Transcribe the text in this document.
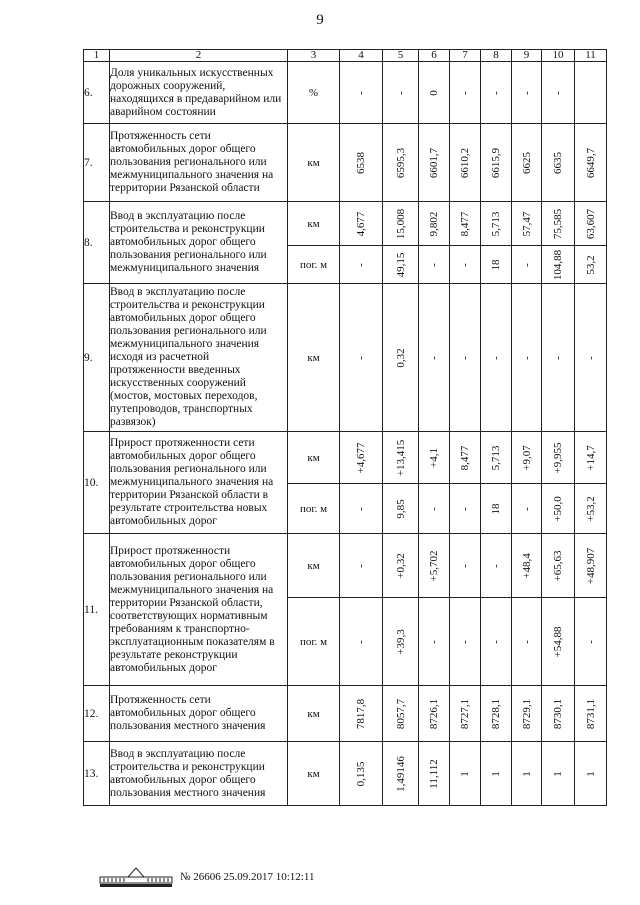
9
1	2	3	4	5	6	7	8	9	10	11
6.	Доля уникальных искусственных дорожных сооружений, находящихся в предаварийном или аварийном состоянии	%	-	-	0	-	-	-	-	

7.	Протяженность сети автомобильных дорог общего пользования регионального или межмуниципального значения на территории Рязанской области	км	6538	6595,3	6601,7	6610,2	6615,9	6625	6635	6649,7

8.	Ввод в эксплуатацию после строительства и реконструкции автомобильных дорог общего пользования регионального или межмуниципального значения	км	4,677	15,008	9,802	8,477	5,713	57,47	75,585	63,607

		пог. м	-	49,15	-	-	18	-	104,88	53,2

9.	Ввод в эксплуатацию после строительства и реконструкции автомобильных дорог общего пользования регионального или межмуниципального значения исходя из расчетной протяженности введенных искусственных сооружений (мостов, мостовых переходов, путепроводов, транспортных развязок)	км	-	0,32	-	-	-	-	-	-

10.	Прирост протяженности сети автомобильных дорог общего пользования регионального или межмуниципального значения на территории Рязанской области в результате строительства новых автомобильных дорог	км	+4,677	+13,415	+4,1	8,477	5,713	+9,07	+9,955	+14,7

		пог. м	-	9,85	-	-	18	-	+50,0	+53,2

11.	Прирост протяженности автомобильных дорог общего пользования регионального или межмуниципального значения на территории Рязанской области, соответствующих нормативным требованиям к транспортно-эксплуатационным показателям в результате реконструкции автомобильных дорог	км	-	+0,32	+5,702	-	-	+48,4	+65,63	+48,907

		пог. м	-	+39,3	-	-	-	-	+54,88	-

12.	Протяженность сети автомобильных дорог общего пользования местного значения	км	7817,8	8057,7	8726,1	8727,1	8728,1	8729,1	8730,1	8731,1

13.	Ввод в эксплуатацию после строительства и реконструкции автомобильных дорог общего пользования местного значения	км	0,135	1,49146	11,112	1	1	1	1	1
№ 26606 25.09.2017 10:12:11
